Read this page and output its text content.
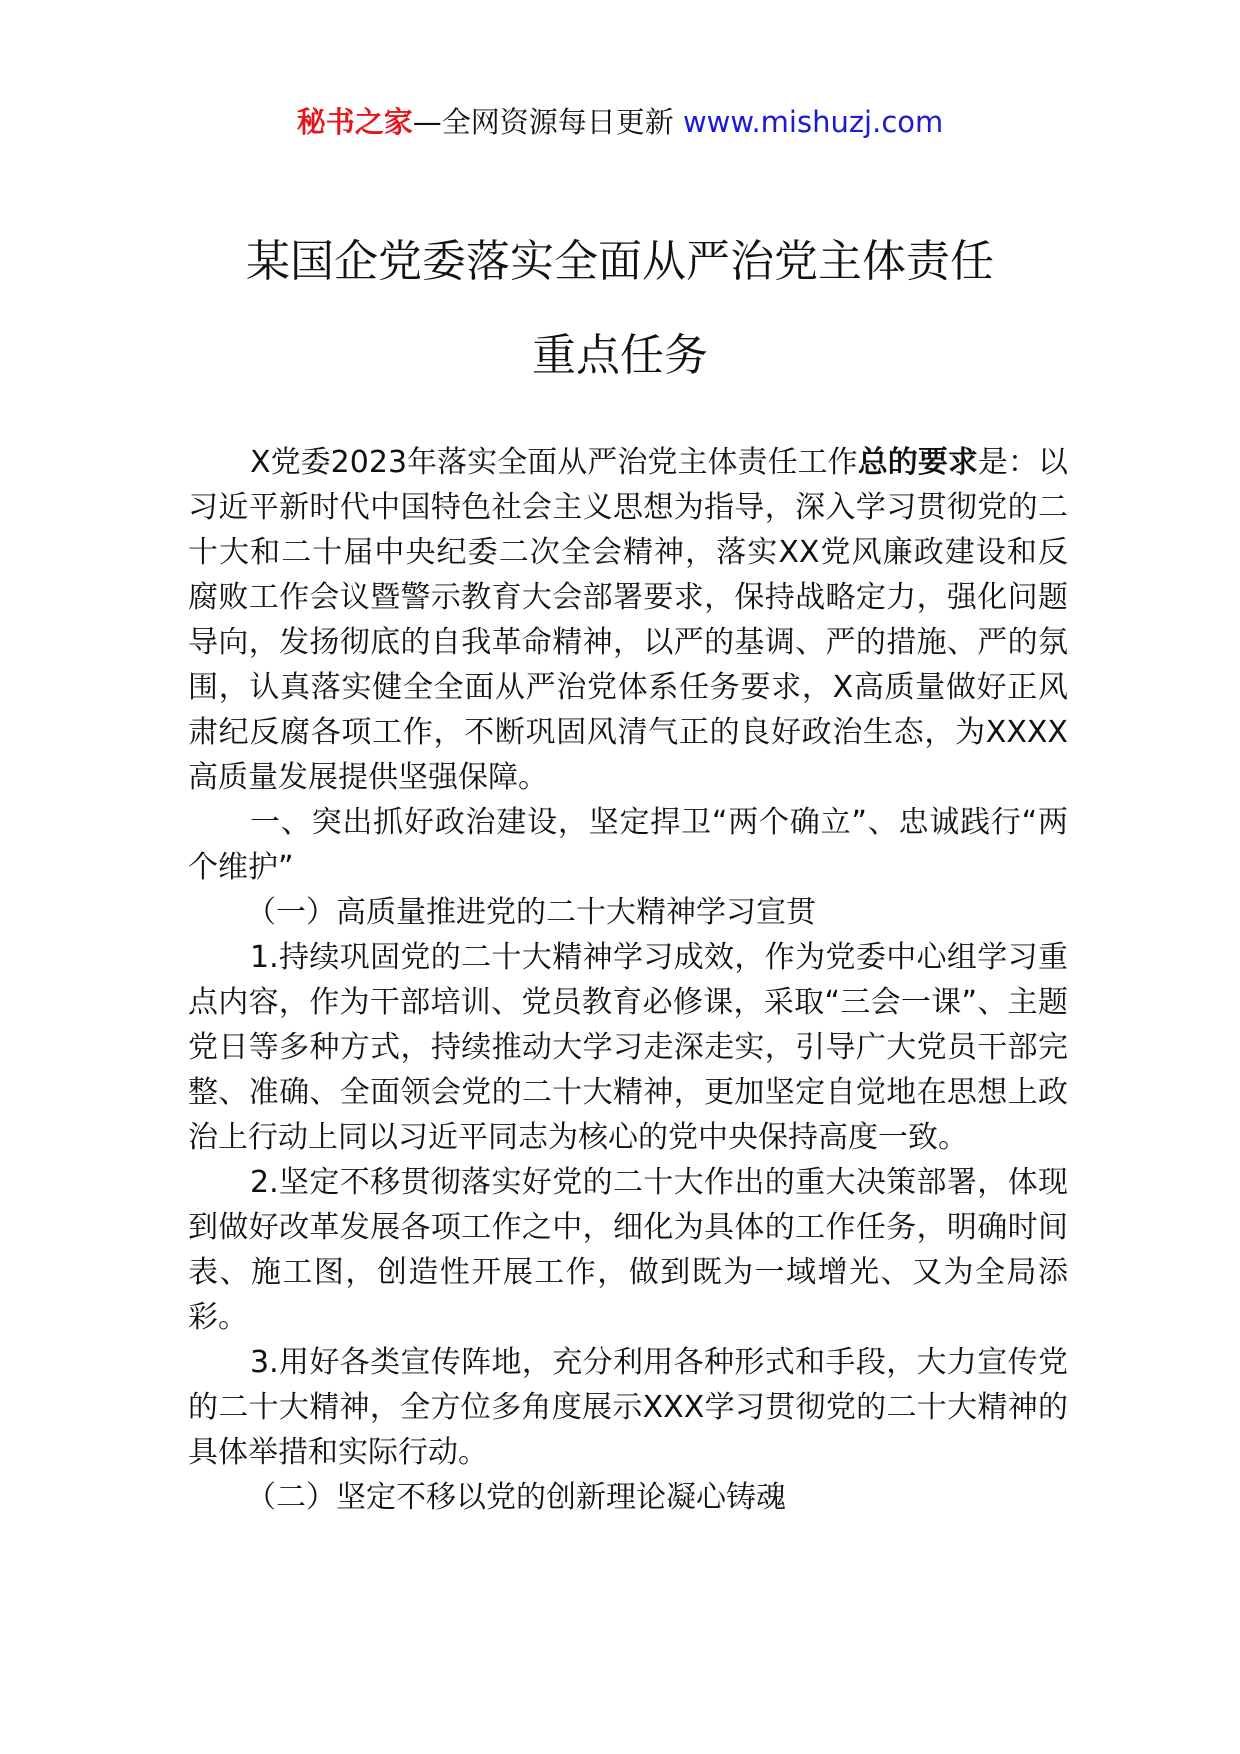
秘书之家—全网资源每日更新 www.mishuzj.com
某国企党委落实全面从严治党主体责任
重点任务

X党委2023年落实全面从严治党主体责任工作总的要求是：以习近平新时代中国特色社会主义思想为指导，深入学习贯彻党的二十大和二十届中央纪委二次全会精神，落实XX党风廉政建设和反腐败工作会议暨警示教育大会部署要求，保持战略定力，强化问题导向，发扬彻底的自我革命精神，以严的基调、严的措施、严的氛围，认真落实健全全面从严治党体系任务要求，X高质量做好正风肃纪反腐各项工作，不断巩固风清气正的良好政治生态，为XXXX高质量发展提供坚强保障。

一、突出抓好政治建设，坚定捍卫“两个确立”、忠诚践行“两个维护”

（一）高质量推进党的二十大精神学习宣贯

1.持续巩固党的二十大精神学习成效，作为党委中心组学习重点内容，作为干部培训、党员教育必修课，采取“三会一课”、主题党日等多种方式，持续推动大学习走深走实，引导广大党员干部完整、准确、全面领会党的二十大精神，更加坚定自觉地在思想上政治上行动上同以习近平同志为核心的党中央保持高度一致。

2.坚定不移贯彻落实好党的二十大作出的重大决策部署，体现到做好改革发展各项工作之中，细化为具体的工作任务，明确时间表、施工图，创造性开展工作，做到既为一域增光、又为全局添彩。

3.用好各类宣传阵地，充分利用各种形式和手段，大力宣传党的二十大精神，全方位多角度展示XXX学习贯彻党的二十大精神的具体举措和实际行动。

（二）坚定不移以党的创新理论凝心铸魂
